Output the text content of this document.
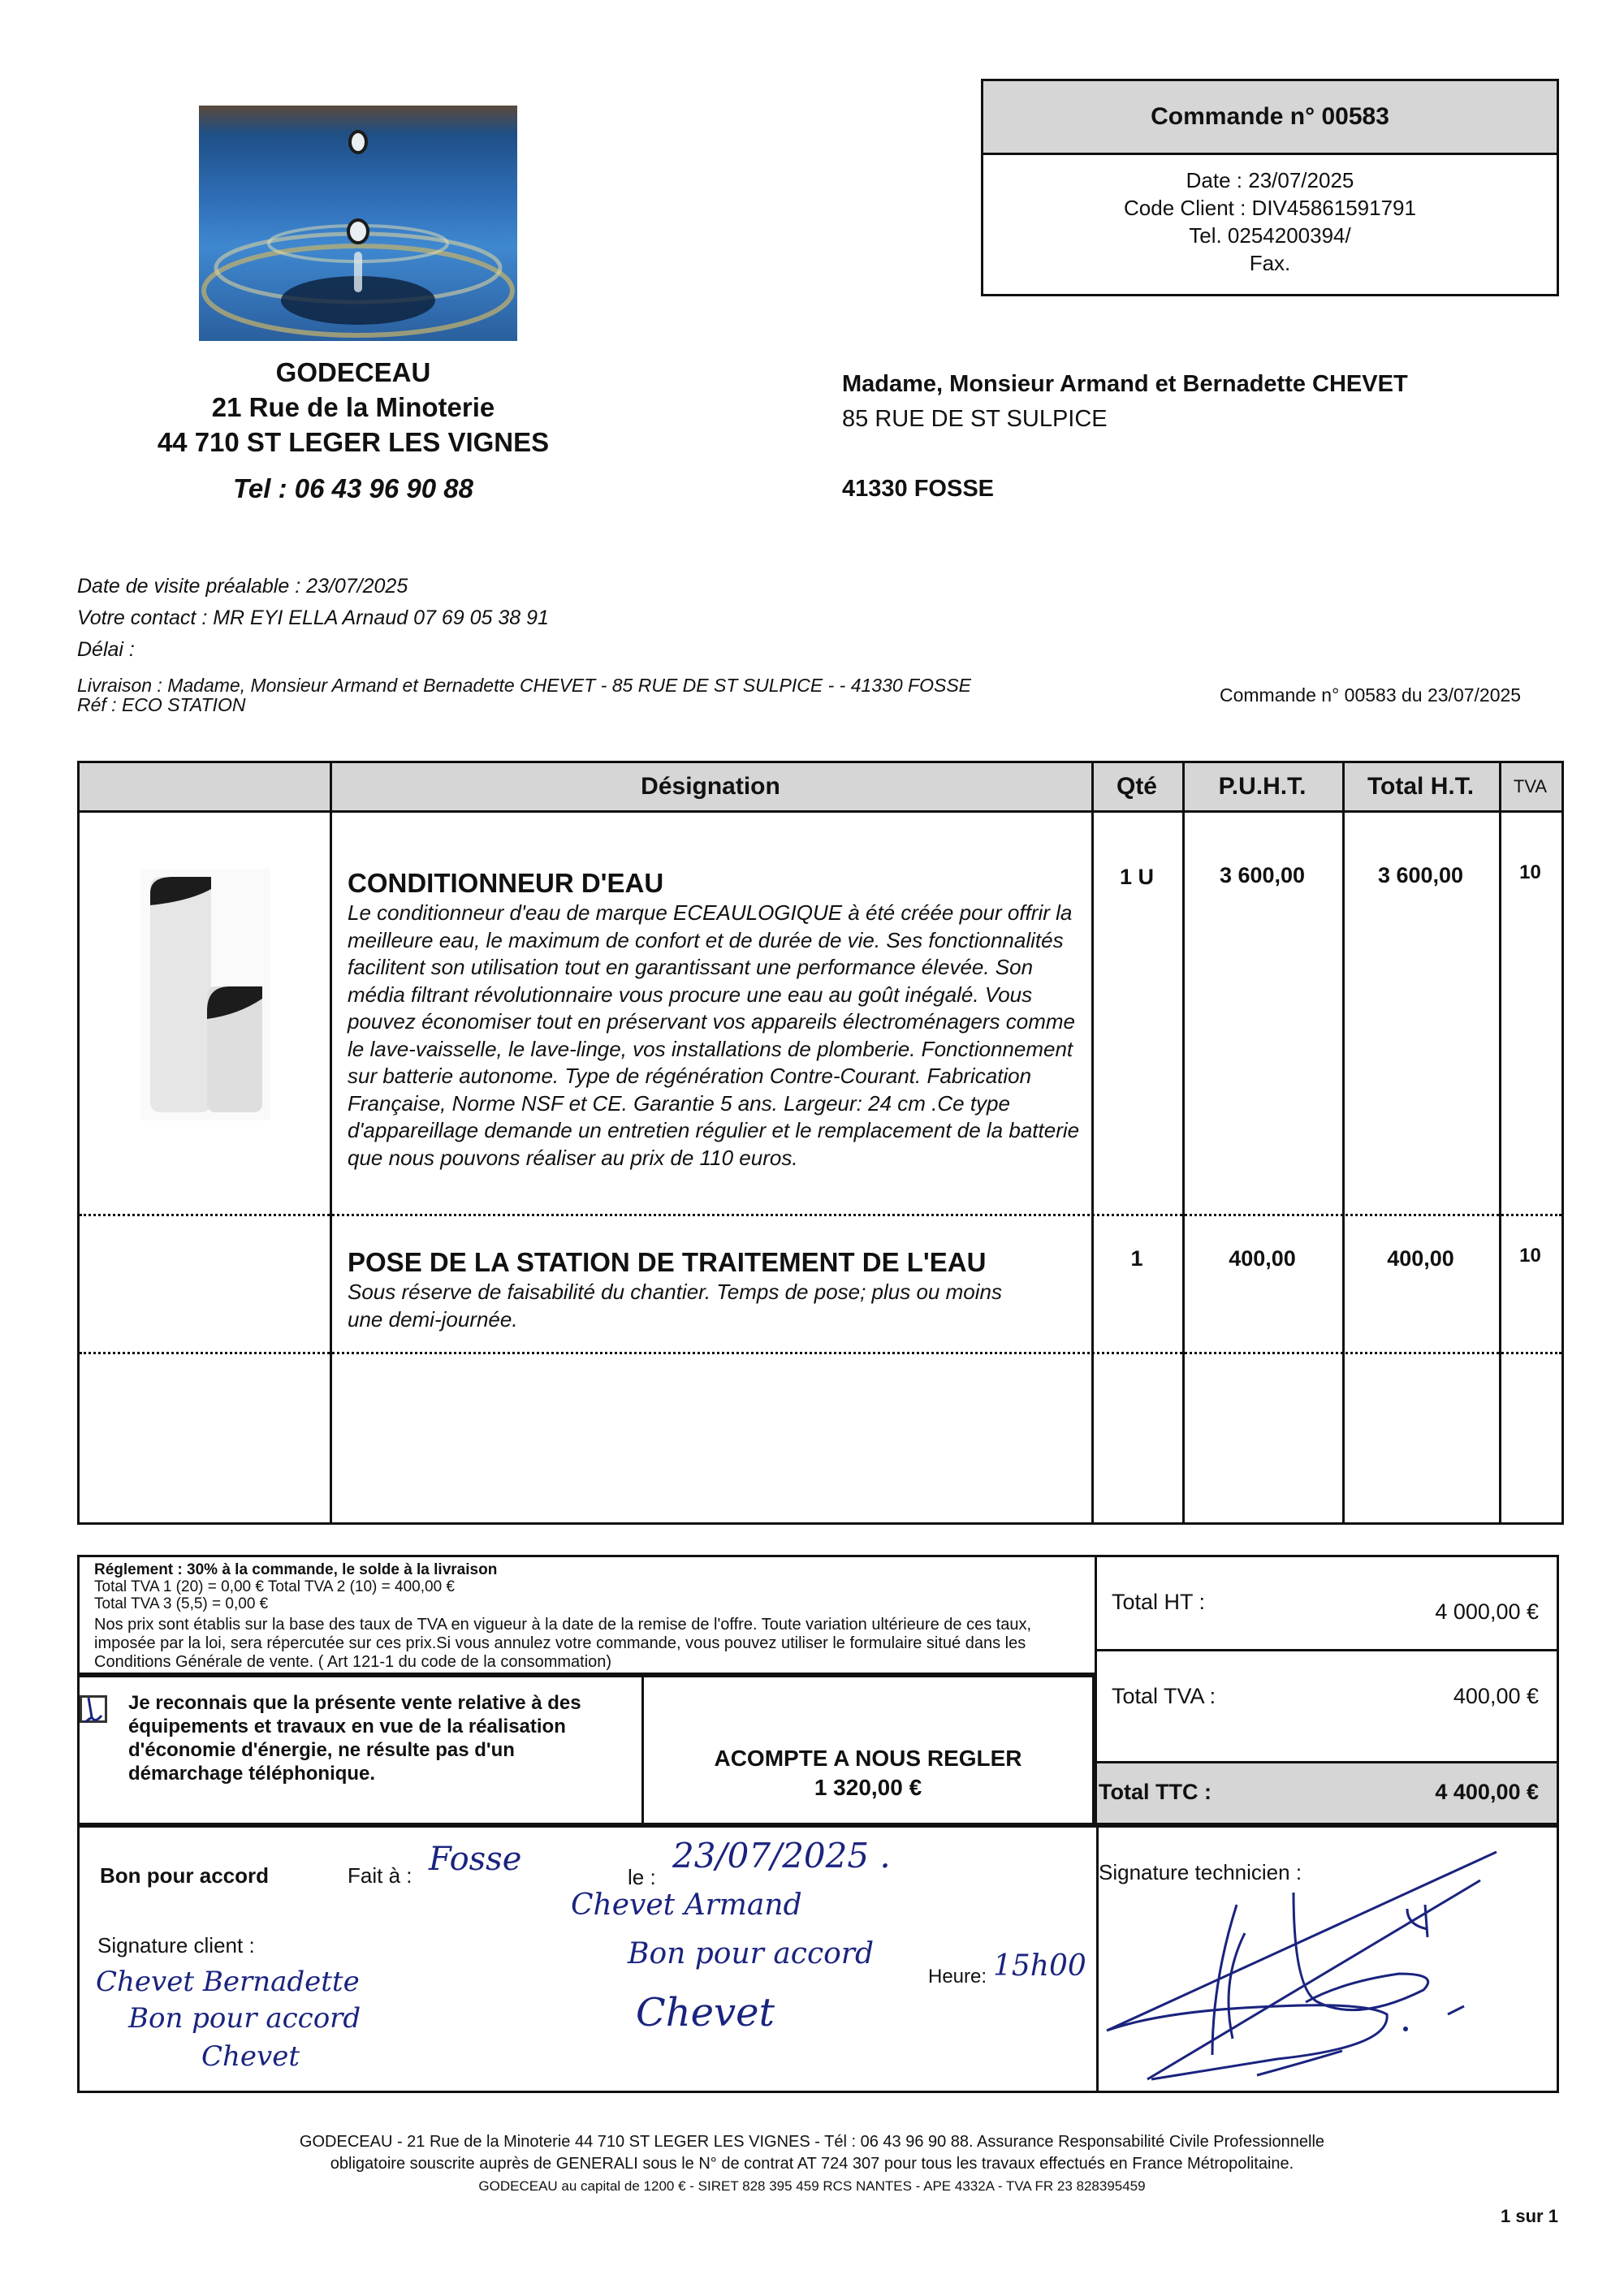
GODECEAU
21 Rue de la Minoterie
44 710 ST LEGER LES VIGNES
Tel : 06 43 96 90 88
Commande n° 00583
Date : 23/07/2025
Code Client : DIV45861591791
Tel. 0254200394/
Fax.
Madame, Monsieur Armand et Bernadette CHEVET
85 RUE DE ST SULPICE
41330 FOSSE
Date de visite préalable : 23/07/2025
Votre contact : MR EYI ELLA Arnaud 07 69 05 38 91
Délai :
Livraison : Madame, Monsieur Armand et Bernadette CHEVET - 85 RUE DE ST SULPICE - - 41330 FOSSE
Réf : ECO STATION	Commande n° 00583 du 23/07/2025
Désignation	Qté	P.U.H.T.	Total H.T.	TVA
CONDITIONNEUR D'EAU
Le conditionneur d'eau de marque ECEAULOGIQUE à été créée pour offrir la meilleure eau, le maximum de confort et de durée de vie. Ses fonctionnalités facilitent son utilisation tout en garantissant une performance élevée. Son média filtrant révolutionnaire vous procure une eau au goût inégalé. Vous pouvez économiser tout en préservant vos appareils électroménagers comme le lave-vaisselle, le lave-linge, vos installations de plomberie. Fonctionnement sur batterie autonome. Type de régénération Contre-Courant. Fabrication Française, Norme NSF et CE. Garantie 5 ans. Largeur: 24 cm .Ce type d'appareillage demande un entretien régulier et le remplacement de la batterie que nous pouvons réaliser au prix de 110 euros.
1 U	3 600,00	3 600,00	10
POSE DE LA STATION DE TRAITEMENT DE L'EAU
Sous réserve de faisabilité du chantier. Temps de pose; plus ou moins une demi-journée.
1	400,00	400,00	10
Réglement : 30% à la commande, le solde à la livraison
Total TVA 1 (20) = 0,00 € Total TVA 2 (10) = 400,00 €
Total TVA 3 (5,5) = 0,00 €
Nos prix sont établis sur la base des taux de TVA en vigueur à la date de la remise de l'offre. Toute variation ultérieure de ces taux, imposée par la loi, sera répercutée sur ces prix.Si vous annulez votre commande, vous pouvez utiliser le formulaire situé dans les Conditions Générale de vente. ( Art 121-1 du code de la consommation)
Je reconnais que la présente vente relative à des équipements et travaux en vue de la réalisation d'économie d'énergie, ne résulte pas d'un démarchage téléphonique.
ACOMPTE A NOUS REGLER
1 320,00 €
Total HT :	4 000,00 €
Total TVA :	400,00 €
Total TTC :	4 400,00 €
Bon pour accord	Fait à : Fosse	le :
23/07/2025 .
Signature client :
Chevet Bernadette
Bon pour accord
Chevet
Chevet Armand
Bon pour accord
Chevet
Heure: 15h00
Signature technicien :
GODECEAU - 21 Rue de la Minoterie 44 710 ST LEGER LES VIGNES - Tél : 06 43 96 90 88. Assurance Responsabilité Civile Professionnelle
obligatoire souscrite auprès de GENERALI sous le N° de contrat AT 724 307 pour tous les travaux effectués en France Métropolitaine.
GODECEAU au capital de 1200 € - SIRET 828 395 459 RCS NANTES - APE 4332A - TVA FR 23 828395459
1 sur 1
